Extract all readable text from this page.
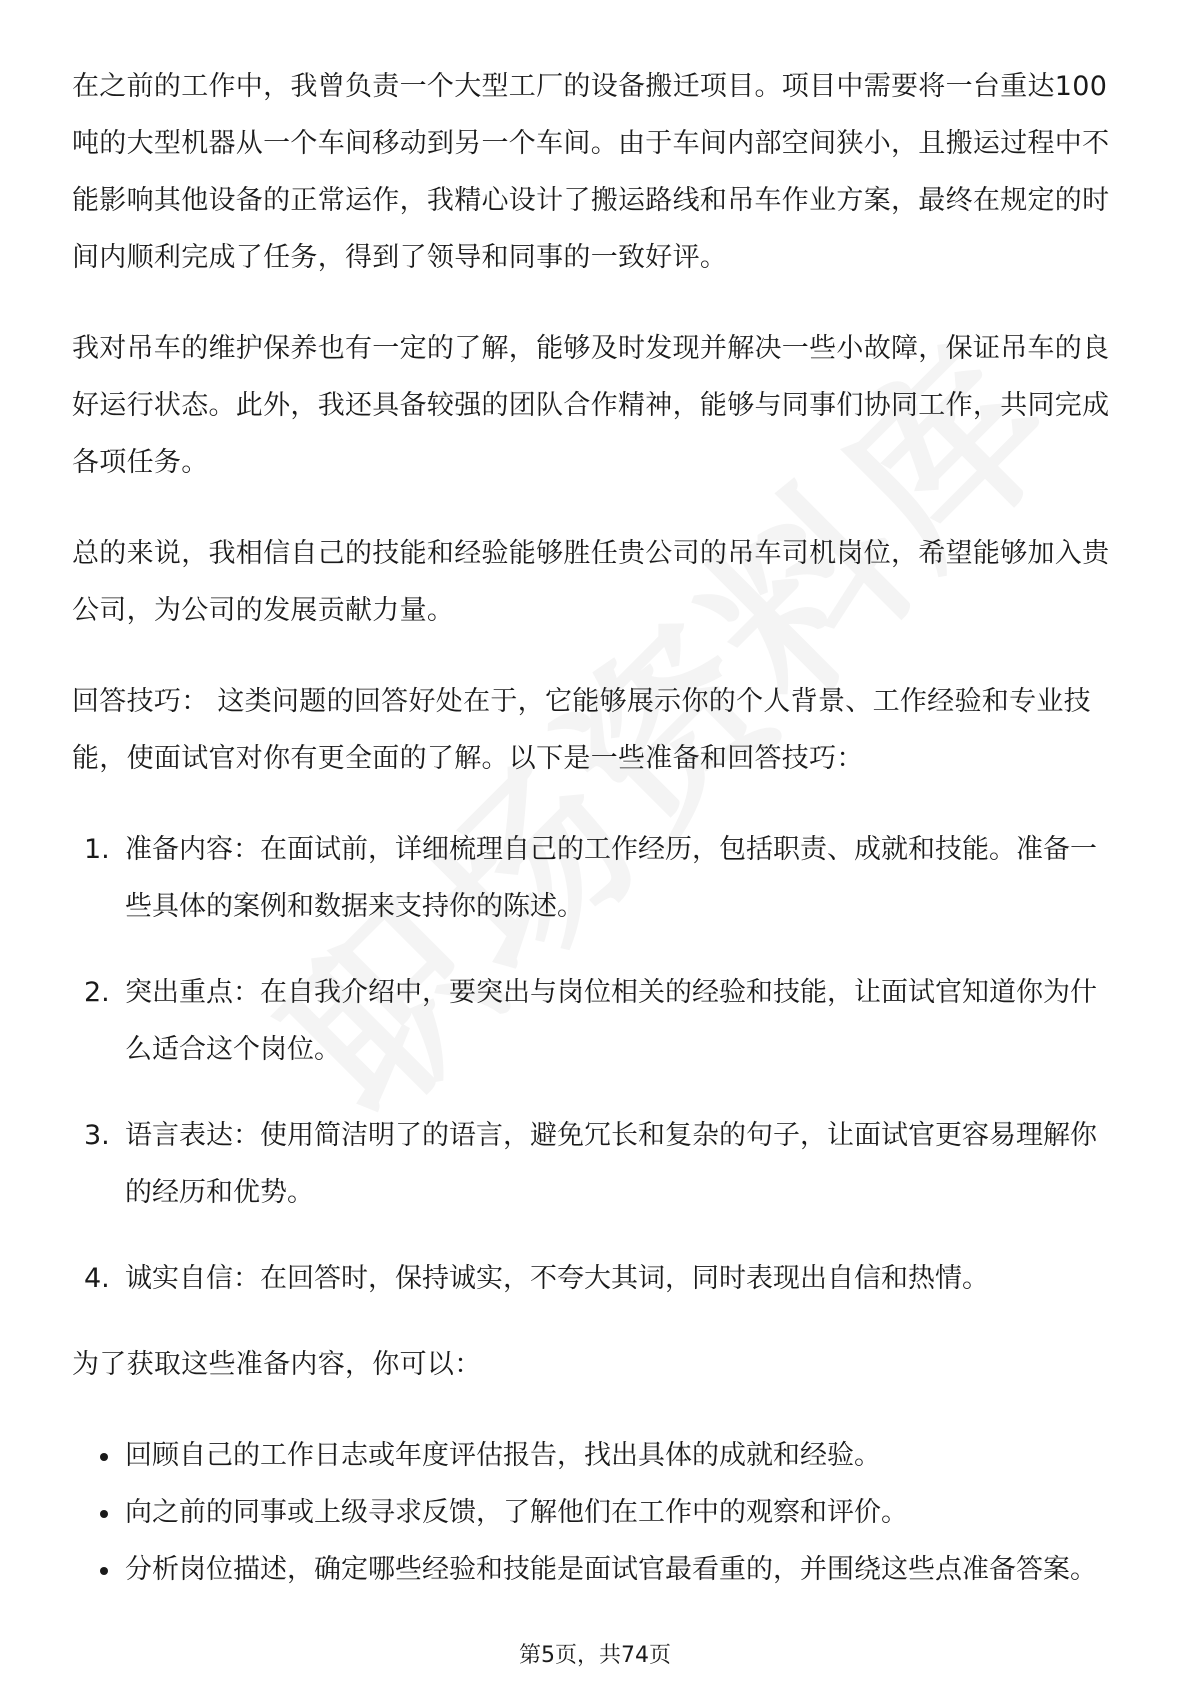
在之前的工作中，我曾负责一个大型工厂的设备搬迁项目。项目中需要将一台重达100吨的大型机器从一个车间移动到另一个车间。由于车间内部空间狭小，且搬运过程中不能影响其他设备的正常运作，我精心设计了搬运路线和吊车作业方案，最终在规定的时间内顺利完成了任务，得到了领导和同事的一致好评。

我对吊车的维护保养也有一定的了解，能够及时发现并解决一些小故障，保证吊车的良好运行状态。此外，我还具备较强的团队合作精神，能够与同事们协同工作，共同完成各项任务。

总的来说，我相信自己的技能和经验能够胜任贵公司的吊车司机岗位，希望能够加入贵公司，为公司的发展贡献力量。

回答技巧： 这类问题的回答好处在于，它能够展示你的个人背景、工作经验和专业技能，使面试官对你有更全面的了解。以下是一些准备和回答技巧：

1. 准备内容：在面试前，详细梳理自己的工作经历，包括职责、成就和技能。准备一些具体的案例和数据来支持你的陈述。
2. 突出重点：在自我介绍中，要突出与岗位相关的经验和技能，让面试官知道你为什么适合这个岗位。
3. 语言表达：使用简洁明了的语言，避免冗长和复杂的句子，让面试官更容易理解你的经历和优势。
4. 诚实自信：在回答时，保持诚实，不夸大其词，同时表现出自信和热情。

为了获取这些准备内容，你可以：

回顾自己的工作日志或年度评估报告，找出具体的成就和经验。
向之前的同事或上级寻求反馈，了解他们在工作中的观察和评价。
分析岗位描述，确定哪些经验和技能是面试官最看重的，并围绕这些点准备答案。
第5页，共74页
